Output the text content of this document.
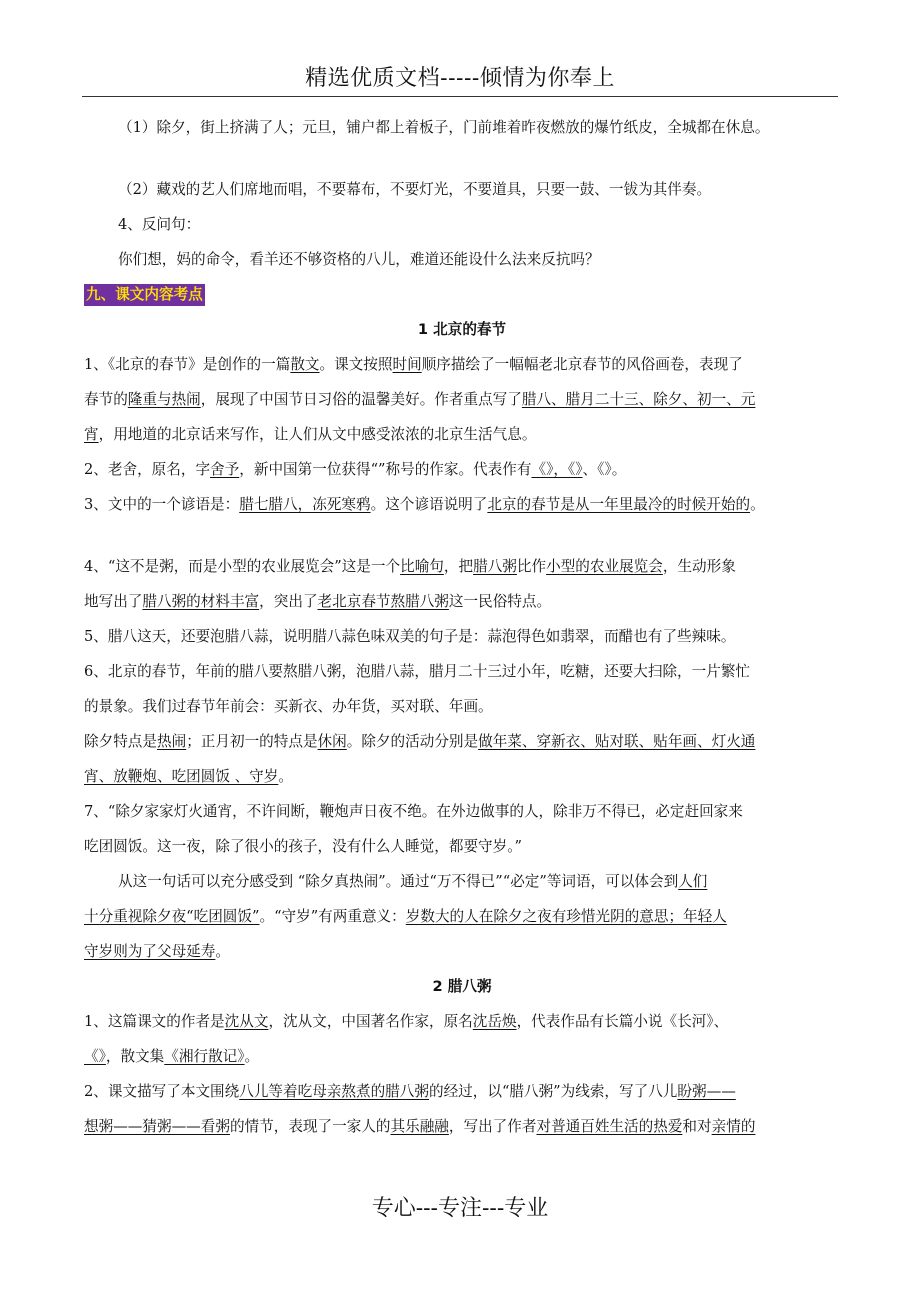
精选优质文档-----倾情为你奉上

（1）除夕，街上挤满了人；元旦，铺户都上着板子，门前堆着昨夜燃放的爆竹纸皮，全城都在休息。

（2）藏戏的艺人们席地而唱，不要幕布，不要灯光，不要道具，只要一鼓、一钹为其伴奏。

4、反问句：

你们想，妈的命令，看羊还不够资格的八儿，难道还能设什么法来反抗吗？

九、课文内容考点

1 北京的春节

1、《北京的春节》是创作的一篇散文。课文按照时间顺序描绘了一幅幅老北京春节的风俗画卷，表现了

春节的隆重与热闹，展现了中国节日习俗的温馨美好。作者重点写了腊八、腊月二十三、除夕、初一、元

宵，用地道的北京话来写作，让人们从文中感受浓浓的北京生活气息。

2、老舍，原名，字舍予，新中国第一位获得“”称号的作家。代表作有《》，《》、《》。

3、文中的一个谚语是：腊七腊八，冻死寒鸦。这个谚语说明了北京的春节是从一年里最冷的时候开始的。

4、“这不是粥，而是小型的农业展览会”这是一个比喻句，把腊八粥比作小型的农业展览会，生动形象

地写出了腊八粥的材料丰富，突出了老北京春节熬腊八粥这一民俗特点。

5、腊八这天，还要泡腊八蒜，说明腊八蒜色味双美的句子是：蒜泡得色如翡翠，而醋也有了些辣味。

6、北京的春节，年前的腊八要熬腊八粥，泡腊八蒜，腊月二十三过小年，吃糖，还要大扫除，一片繁忙

的景象。我们过春节年前会：买新衣、办年货，买对联、年画。

除夕特点是热闹；正月初一的特点是休闲。除夕的活动分别是做年菜、穿新衣、贴对联、贴年画、灯火通

宵、放鞭炮、吃团圆饭 、守岁。

7、“除夕家家灯火通宵，不许间断，鞭炮声日夜不绝。在外边做事的人，除非万不得已，必定赶回家来

吃团圆饭。这一夜，除了很小的孩子，没有什么人睡觉，都要守岁。”

从这一句话可以充分感受到 “除夕真热闹”。通过“万不得已”“必定”等词语，可以体会到人们

十分重视除夕夜“吃团圆饭”。“守岁”有两重意义：岁数大的人在除夕之夜有珍惜光阴的意思；年轻人

守岁则为了父母延寿。

2 腊八粥

1、这篇课文的作者是沈从文，沈从文，中国著名作家，原名沈岳焕，代表作品有长篇小说《长河》、

《》，散文集《湘行散记》。

2、课文描写了本文围绕八儿等着吃母亲熬煮的腊八粥的经过，以“腊八粥”为线索，写了八儿盼粥——

想粥——猜粥——看粥的情节，表现了一家人的其乐融融，写出了作者对普通百姓生活的热爱和对亲情的

专心---专注---专业
